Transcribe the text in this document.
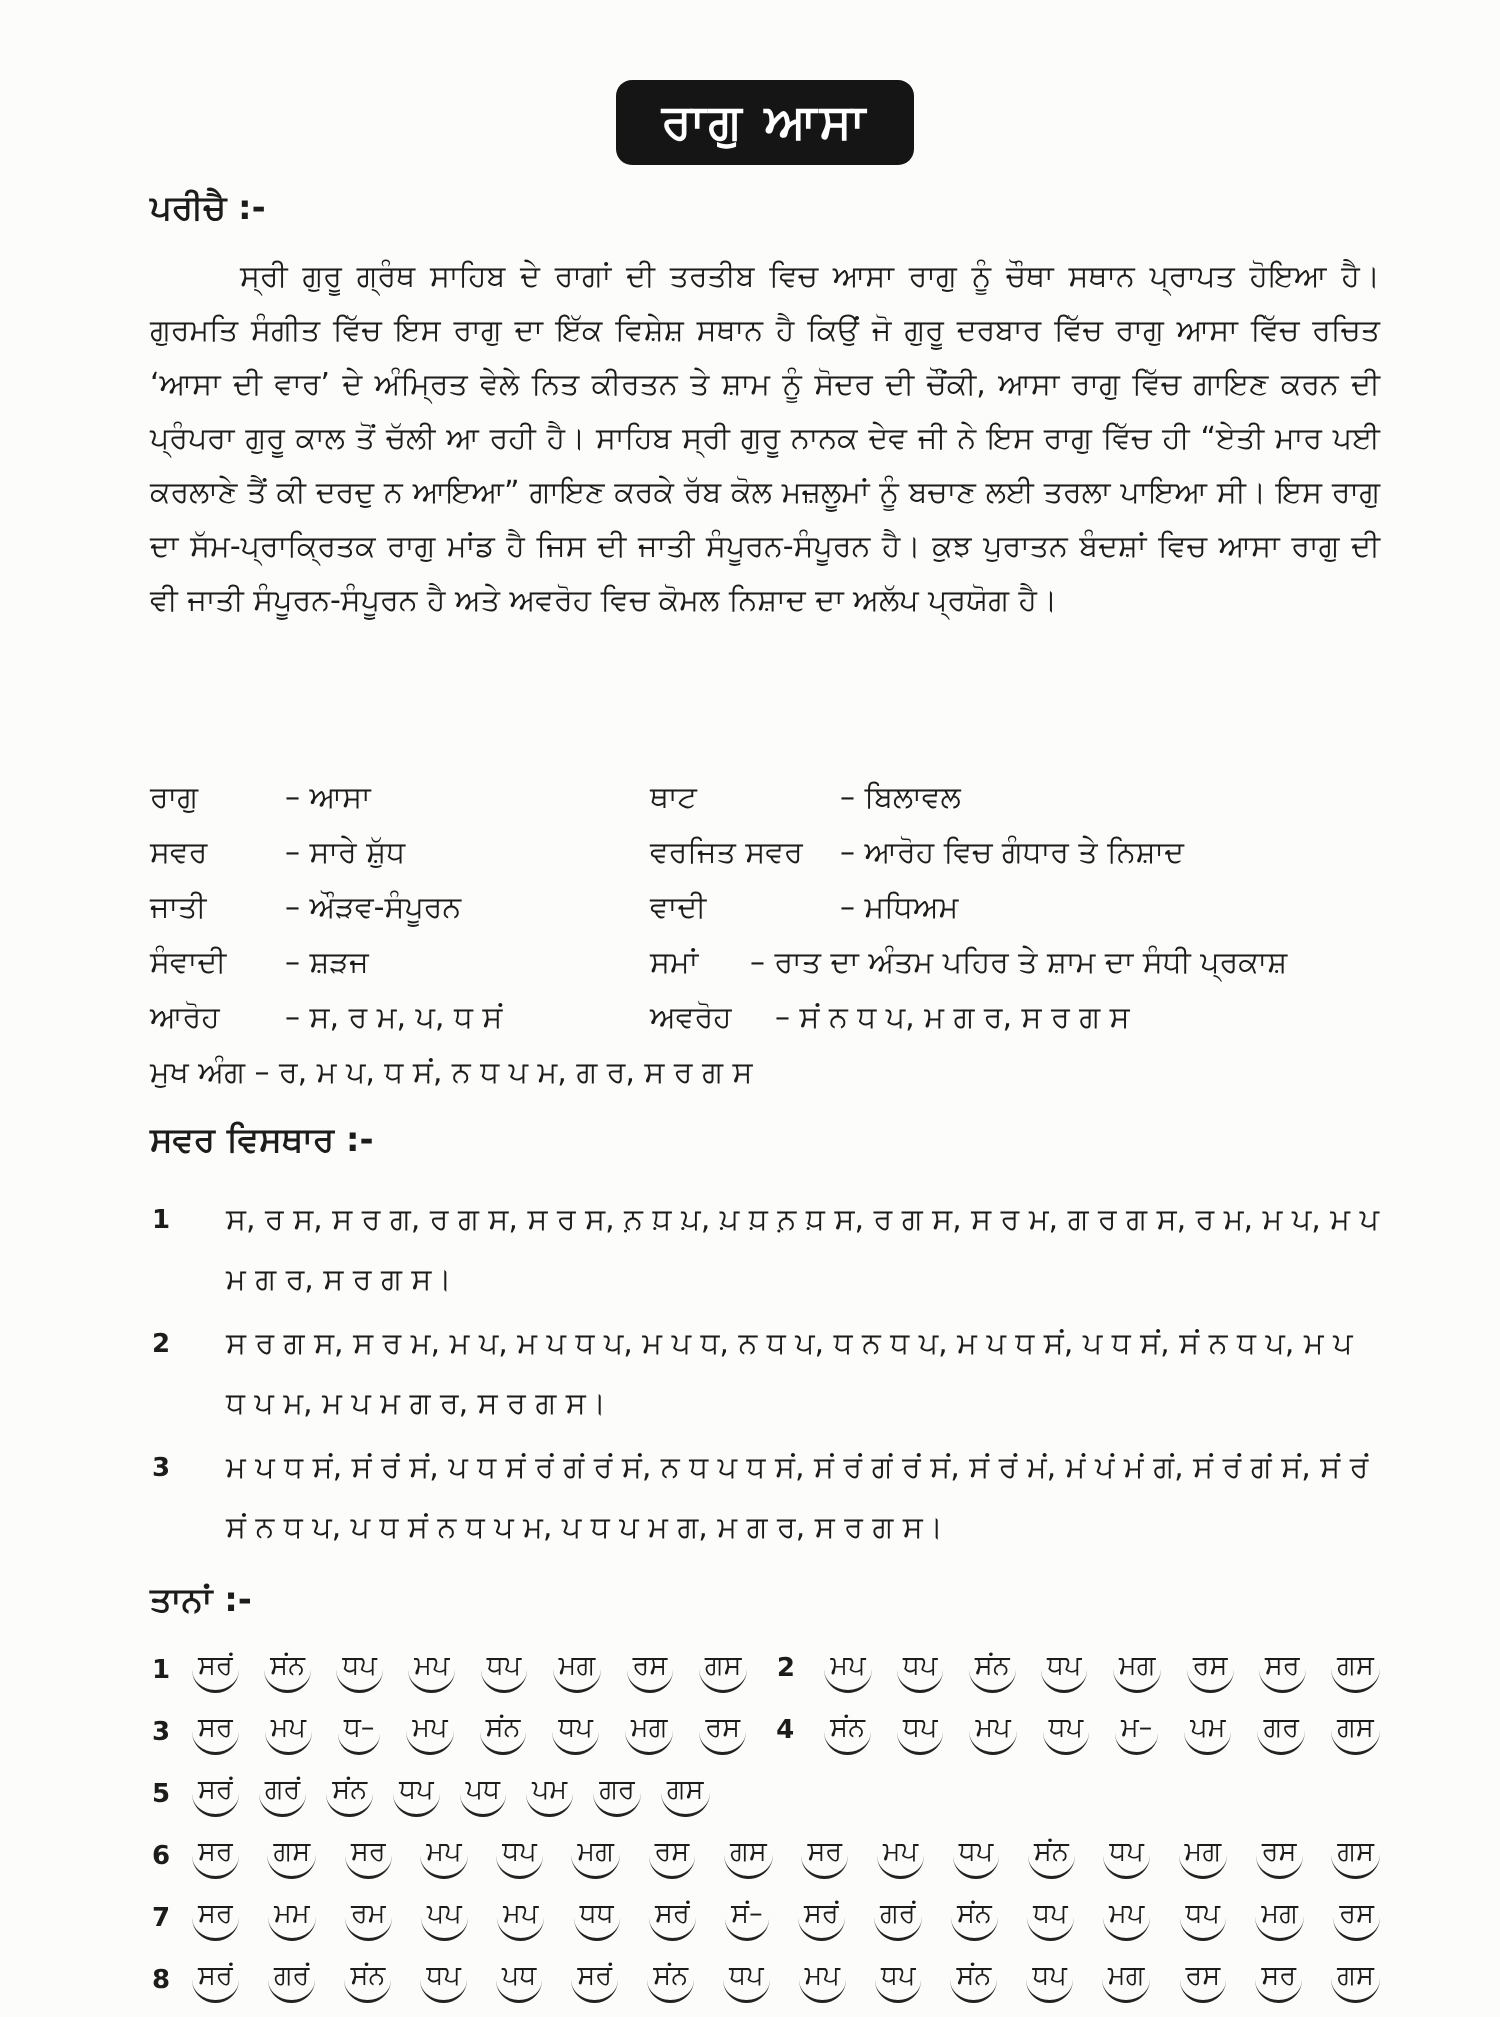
ਰਾਗੁ ਆਸਾ
ਪਰੀਚੈ :-

ਸ੍ਰੀ ਗੁਰੂ ਗ੍ਰੰਥ ਸਾਹਿਬ ਦੇ ਰਾਗਾਂ ਦੀ ਤਰਤੀਬ ਵਿਚ ਆਸਾ ਰਾਗੁ ਨੂੰ ਚੌਥਾ ਸਥਾਨ ਪ੍ਰਾਪਤ ਹੋਇਆ ਹੈ। ਗੁਰਮਤਿ ਸੰਗੀਤ ਵਿੱਚ ਇਸ ਰਾਗੁ ਦਾ ਇੱਕ ਵਿਸ਼ੇਸ਼ ਸਥਾਨ ਹੈ ਕਿਉਂ ਜੋ ਗੁਰੂ ਦਰਬਾਰ ਵਿੱਚ ਰਾਗੁ ਆਸਾ ਵਿੱਚ ਰਚਿਤ ‘ਆਸਾ ਦੀ ਵਾਰ’ ਦੇ ਅੰਮ੍ਰਿਤ ਵੇਲੇ ਨਿਤ ਕੀਰਤਨ ਤੇ ਸ਼ਾਮ ਨੂੰ ਸੋਦਰ ਦੀ ਚੌਂਕੀ, ਆਸਾ ਰਾਗੁ ਵਿੱਚ ਗਾਇਣ ਕਰਨ ਦੀ ਪ੍ਰੰਪਰਾ ਗੁਰੂ ਕਾਲ ਤੋਂ ਚੱਲੀ ਆ ਰਹੀ ਹੈ। ਸਾਹਿਬ ਸ੍ਰੀ ਗੁਰੂ ਨਾਨਕ ਦੇਵ ਜੀ ਨੇ ਇਸ ਰਾਗੁ ਵਿੱਚ ਹੀ “ਏਤੀ ਮਾਰ ਪਈ ਕਰਲਾਣੇ ਤੈਂ ਕੀ ਦਰਦੁ ਨ ਆਇਆ” ਗਾਇਣ ਕਰਕੇ ਰੱਬ ਕੋਲ ਮਜ਼ਲੂਮਾਂ ਨੂੰ ਬਚਾਣ ਲਈ ਤਰਲਾ ਪਾਇਆ ਸੀ। ਇਸ ਰਾਗੁ ਦਾ ਸੱਮ-ਪ੍ਰਾਕ੍ਰਿਤਕ ਰਾਗੁ ਮਾਂਡ ਹੈ ਜਿਸ ਦੀ ਜਾਤੀ ਸੰਪੂਰਨ-ਸੰਪੂਰਨ ਹੈ। ਕੁਝ ਪੁਰਾਤਨ ਬੰਦਸ਼ਾਂ ਵਿਚ ਆਸਾ ਰਾਗੁ ਦੀ ਵੀ ਜਾਤੀ ਸੰਪੂਰਨ-ਸੰਪੂਰਨ ਹੈ ਅਤੇ ਅਵਰੋਹ ਵਿਚ ਕੋਮਲ ਨਿਸ਼ਾਦ ਦਾ ਅਲੱਪ ਪ੍ਰਯੋਗ ਹੈ।

ਰਾਗੁ	– ਆਸਾ	ਥਾਟ	– ਬਿਲਾਵਲ
ਸਵਰ	– ਸਾਰੇ ਸ਼ੁੱਧ	ਵਰਜਿਤ ਸਵਰ – ਆਰੋਹ ਵਿਚ ਗੰਧਾਰ ਤੇ ਨਿਸ਼ਾਦ
ਜਾਤੀ	– ਔੜਵ-ਸੰਪੂਰਨ	ਵਾਦੀ	– ਮਧਿਅਮ
ਸੰਵਾਦੀ – ਸ਼ੜਜ	ਸਮਾਂ – ਰਾਤ ਦਾ ਅੰਤਮ ਪਹਿਰ ਤੇ ਸ਼ਾਮ ਦਾ ਸੰਧੀ ਪ੍ਰਕਾਸ਼
ਆਰੋਹ – ਸ, ਰ ਮ, ਪ, ਧ ਸਂ	ਅਵਰੋਹ – ਸਂ ਨ ਧ ਪ, ਮ ਗ ਰ, ਸ ਰ ਗ ਸ
ਮੁਖ ਅੰਗ – ਰ, ਮ ਪ, ਧ ਸਂ, ਨ ਧ ਪ ਮ, ਗ ਰ, ਸ ਰ ਗ ਸ
ਸਵਰ ਵਿਸਥਾਰ :-
1 ਸ, ਰ ਸ, ਸ ਰ ਗ, ਰ ਗ ਸ, ਸ ਰ ਸ, ਨ਼ ਧ਼ ਪ਼, ਪ਼ ਧ਼ ਨ਼ ਧ਼ ਸ, ਰ ਗ ਸ, ਸ ਰ ਮ, ਗ ਰ ਗ ਸ, ਰ ਮ, ਮ ਪ, ਮ ਪ ਮ ਗ ਰ, ਸ ਰ ਗ ਸ।
2 ਸ ਰ ਗ ਸ, ਸ ਰ ਮ, ਮ ਪ, ਮ ਪ ਧ ਪ, ਮ ਪ ਧ, ਨ ਧ ਪ, ਧ ਨ ਧ ਪ, ਮ ਪ ਧ ਸਂ, ਪ ਧ ਸਂ, ਸਂ ਨ ਧ ਪ, ਮ ਪ ਧ ਪ ਮ, ਮ ਪ ਮ ਗ ਰ, ਸ ਰ ਗ ਸ।
3 ਮ ਪ ਧ ਸਂ, ਸਂ ਰਂ ਸਂ, ਪ ਧ ਸਂ ਰਂ ਗਂ ਰਂ ਸਂ, ਨ ਧ ਪ ਧ ਸਂ, ਸਂ ਰਂ ਗਂ ਰਂ ਸਂ, ਸਂ ਰਂ ਮਂ, ਮਂ ਪਂ ਮਂ ਗਂ, ਸਂ ਰਂ ਗਂ ਸਂ, ਸਂ ਰਂ ਸਂ ਨ ਧ ਪ, ਪ ਧ ਸਂ ਨ ਧ ਪ ਮ, ਪ ਧ ਪ ਮ ਗ, ਮ ਗ ਰ, ਸ ਰ ਗ ਸ।
ਤਾਨਾਂ :-
1 ਸਰਂ ਸਂਨ ਧਪ ਮਪ ਧਪ ਮਗ ਰਸ ਗਸ 2 ਮਪ ਧਪ ਸਂਨ ਧਪ ਮਗ ਰਸ ਸਰ ਗਸ
3 ਸਰ ਮਪ ਧ– ਮਪ ਸਂਨ ਧਪ ਮਗ ਰਸ 4 ਸਂਨ ਧਪ ਮਪ ਧਪ ਮ– ਪਮ ਗਰ ਗਸ
5 ਸਰਂ ਗਰਂ ਸਂਨ ਧਪ ਪਧ ਪਮ ਗਰ ਗਸ
6 ਸਰ ਗਸ ਸਰ ਮਪ ਧਪ ਮਗ ਰਸ ਗਸ ਸਰ ਮਪ ਧਪ ਸਂਨ ਧਪ ਮਗ ਰਸ ਗਸ
7 ਸਰ ਮਮ ਰਮ ਪਪ ਮਪ ਧਧ ਸਰਂ ਸਂ– ਸਰਂ ਗਰਂ ਸਂਨ ਧਪ ਮਪ ਧਪ ਮਗ ਰਸ
8 ਸਰਂ ਗਰਂ ਸਂਨ ਧਪ ਪਧ ਸਰਂ ਸਂਨ ਧਪ ਮਪ ਧਪ ਸਂਨ ਧਪ ਮਗ ਰਸ ਸਰ ਗਸ
